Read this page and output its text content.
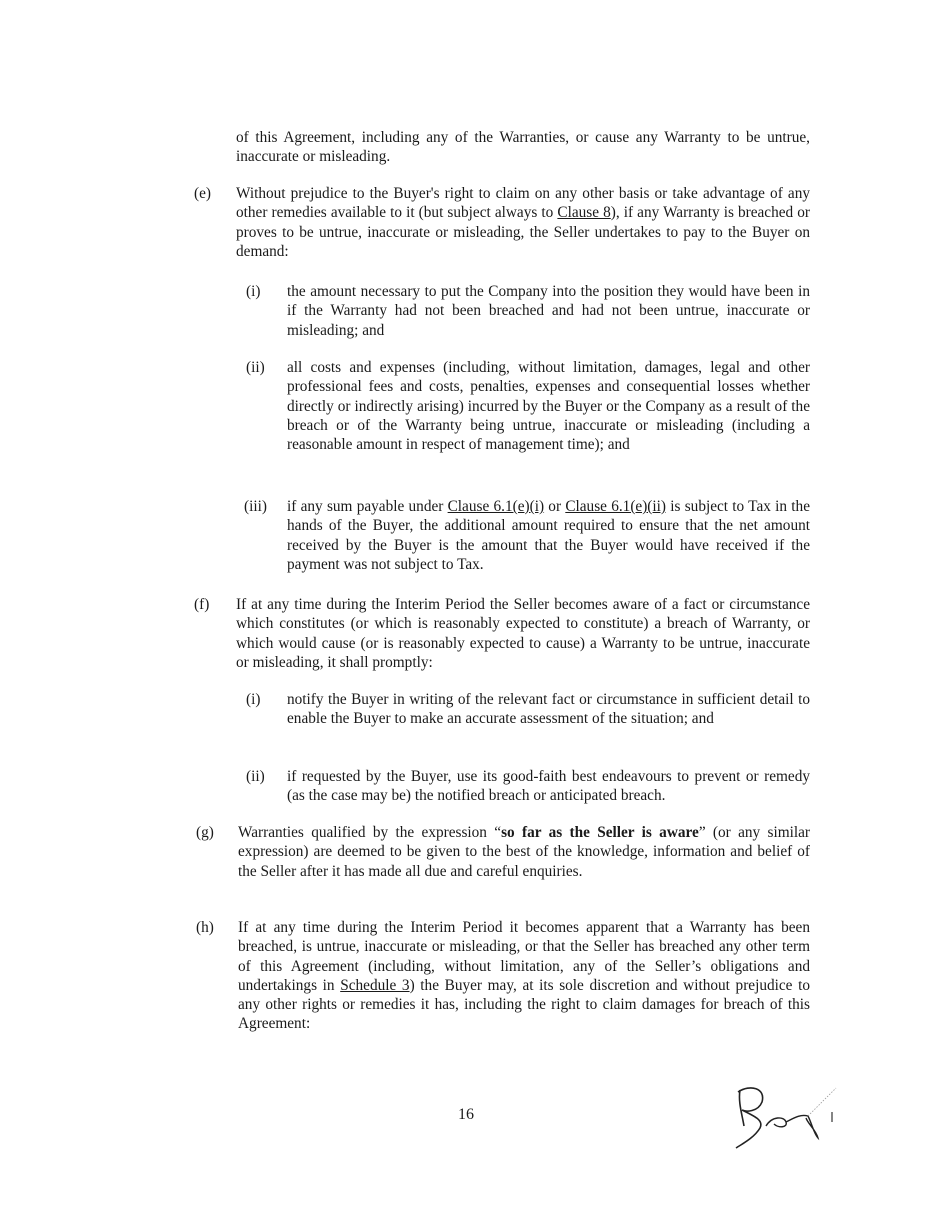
of this Agreement, including any of the Warranties, or cause any Warranty to be untrue, inaccurate or misleading.
(e) Without prejudice to the Buyer's right to claim on any other basis or take advantage of any other remedies available to it (but subject always to Clause 8), if any Warranty is breached or proves to be untrue, inaccurate or misleading, the Seller undertakes to pay to the Buyer on demand:
(i) the amount necessary to put the Company into the position they would have been in if the Warranty had not been breached and had not been untrue, inaccurate or misleading; and
(ii) all costs and expenses (including, without limitation, damages, legal and other professional fees and costs, penalties, expenses and consequential losses whether directly or indirectly arising) incurred by the Buyer or the Company as a result of the breach or of the Warranty being untrue, inaccurate or misleading (including a reasonable amount in respect of management time); and
(iii) if any sum payable under Clause 6.1(e)(i) or Clause 6.1(e)(ii) is subject to Tax in the hands of the Buyer, the additional amount required to ensure that the net amount received by the Buyer is the amount that the Buyer would have received if the payment was not subject to Tax.
(f) If at any time during the Interim Period the Seller becomes aware of a fact or circumstance which constitutes (or which is reasonably expected to constitute) a breach of Warranty, or which would cause (or is reasonably expected to cause) a Warranty to be untrue, inaccurate or misleading, it shall promptly:
(i) notify the Buyer in writing of the relevant fact or circumstance in sufficient detail to enable the Buyer to make an accurate assessment of the situation; and
(ii) if requested by the Buyer, use its good-faith best endeavours to prevent or remedy (as the case may be) the notified breach or anticipated breach.
(g) Warranties qualified by the expression “so far as the Seller is aware” (or any similar expression) are deemed to be given to the best of the knowledge, information and belief of the Seller after it has made all due and careful enquiries.
(h) If at any time during the Interim Period it becomes apparent that a Warranty has been breached, is untrue, inaccurate or misleading, or that the Seller has breached any other term of this Agreement (including, without limitation, any of the Seller’s obligations and undertakings in Schedule 3) the Buyer may, at its sole discretion and without prejudice to any other rights or remedies it has, including the right to claim damages for breach of this Agreement:
16
